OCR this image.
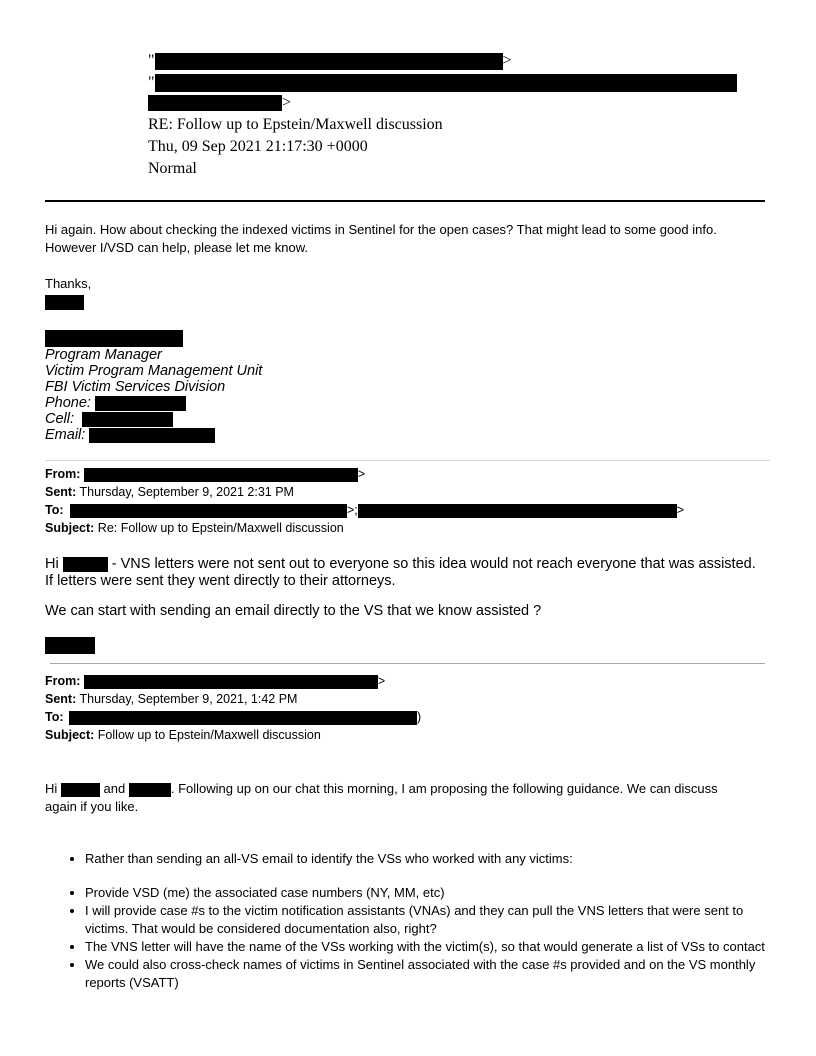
"	>
"
>
RE: Follow up to Epstein/Maxwell discussion
Thu, 09 Sep 2021 21:17:30 +0000
Normal
Hi again. How about checking the indexed victims in Sentinel for the open cases? That might lead to some good info.
However I/VSD can help, please let me know.
Thanks,
Program Manager
Victim Program Management Unit
FBI Victim Services Division
Phone:
Cell:
Email:
From:	>
Sent: Thursday, September 9, 2021 2:31 PM
To:	>;	>
Subject: Re: Follow up to Epstein/Maxwell discussion
Hi	- VNS letters were not sent out to everyone so this idea would not reach everyone that was assisted.
If letters were sent they went directly to their attorneys.
We can start with sending an email directly to the VS that we know assisted ?
From:	>
Sent: Thursday, September 9, 2021, 1:42 PM
To:	)
Subject: Follow up to Epstein/Maxwell discussion
Hi	and	. Following up on our chat this morning, I am proposing the following guidance. We can discuss
again if you like.
• Rather than sending an all-VS email to identify the VSs who worked with any victims:
• Provide VSD (me) the associated case numbers (NY, MM, etc)
• I will provide case #s to the victim notification assistants (VNAs) and they can pull the VNS letters that were sent to victims. That would be considered documentation also, right?
• The VNS letter will have the name of the VSs working with the victim(s), so that would generate a list of VSs to contact
• We could also cross-check names of victims in Sentinel associated with the case #s provided and on the VS monthly reports (VSATT)
